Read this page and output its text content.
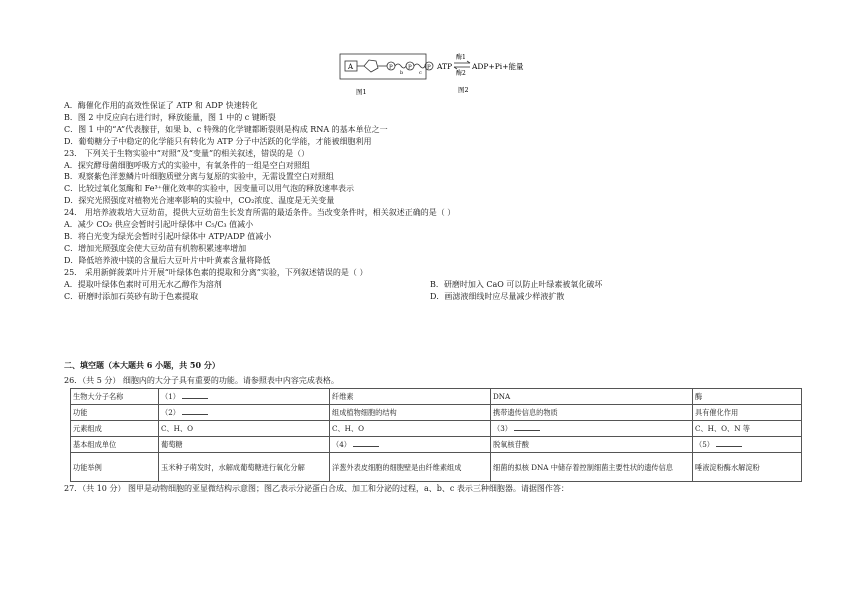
A	P
b
P
c
P
图1
ATP
酶1
酶2
ADP+Pi+能量
图2
A．酶催化作用的高效性保证了 ATP 和 ADP 快速转化
B．图 2 中反应向右进行时，释放能量，图 1 中的 c 键断裂
C．图 1 中的“A”代表腺苷，如果 b、c 特殊的化学键都断裂则是构成 RNA 的基本单位之一
D．葡萄糖分子中稳定的化学能只有转化为 ATP 分子中活跃的化学能，才能被细胞利用
23． 下列关于生物实验中“对照”及“变量”的相关叙述，错误的是（）
A．探究酵母菌细胞呼吸方式的实验中，有氧条件的一组是空白对照组
B．观察紫色洋葱鳞片叶细胞质壁分离与复原的实验中，无需设置空白对照组
C．比较过氧化氢酶和 Fe³⁺催化效率的实验中，因变量可以用气泡的释放速率表示
D．探究光照强度对植物光合速率影响的实验中，CO₂浓度、温度是无关变量
24． 用培养液栽培大豆幼苗，提供大豆幼苗生长发育所需的最适条件。当改变条件时，相关叙述正确的是（ ）
A．减少 CO₂ 供应会暂时引起叶绿体中 C₅/C₃ 值减小
B．将白光变为绿光会暂时引起叶绿体中 ATP/ADP 值减小
C．增加光照强度会使大豆幼苗有机物积累速率增加
D．降低培养液中镁的含量后大豆叶片中叶黄素含量将降低
25． 采用新鲜菠菜叶片开展“叶绿体色素的提取和分离”实验，下列叙述错误的是（ ）
A．提取叶绿体色素时可用无水乙醇作为溶剂	B．研磨时加入 CaO 可以防止叶绿素被氧化破坏
C．研磨时添加石英砂有助于色素提取	D．画滤液细线时应尽量减少样液扩散
二、填空题（本大题共 6 小题，共 50 分）
26．（共 5 分） 细胞内的大分子具有重要的功能。请参照表中内容完成表格。
生物大分子名称	（1）	纤维素	DNA	酶
功能	（2）	组成植物细胞的结构	携带遗传信息的物质	具有催化作用
元素组成	C、H、O	C、H、O	（3）	C、H、O、N 等
基本组成单位	葡萄糖	（4）	脱氧核苷酸	（5）
功能举例	玉米种子萌发时，水解成葡萄糖进行氧化分解	洋葱外表皮细胞的细胞壁是由纤维素组成	细菌的拟核 DNA 中储存着控制细菌主要性状的遗传信息	唾液淀粉酶水解淀粉
27．（共 10 分） 图甲是动物细胞的亚显微结构示意图；图乙表示分泌蛋白合成、加工和分泌的过程，a、b、c 表示三种细胞器。请据图作答：
